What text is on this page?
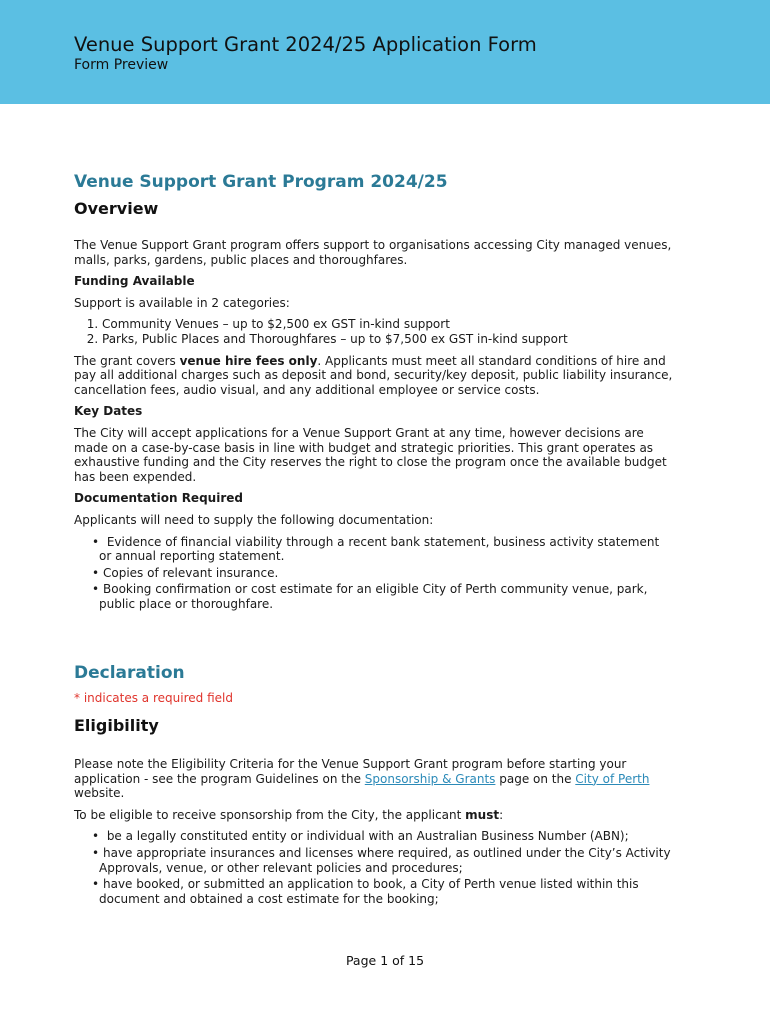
Venue Support Grant 2024/25 Application Form
Form Preview
Venue Support Grant Program 2024/25
Overview

The Venue Support Grant program offers support to organisations accessing City managed venues, malls, parks, gardens, public places and thoroughfares.

Funding Available

Support is available in 2 categories:

1. Community Venues – up to $2,500 ex GST in-kind support
2. Parks, Public Places and Thoroughfares – up to $7,500 ex GST in-kind support

The grant covers venue hire fees only. Applicants must meet all standard conditions of hire and pay all additional charges such as deposit and bond, security/key deposit, public liability insurance, cancellation fees, audio visual, and any additional employee or service costs.

Key Dates

The City will accept applications for a Venue Support Grant at any time, however decisions are made on a case-by-case basis in line with budget and strategic priorities. This grant operates as exhaustive funding and the City reserves the right to close the program once the available budget has been expended.

Documentation Required

Applicants will need to supply the following documentation:

• Evidence of financial viability through a recent bank statement, business activity statement or annual reporting statement.
• Copies of relevant insurance.
• Booking confirmation or cost estimate for an eligible City of Perth community venue, park, public place or thoroughfare.
Declaration

* indicates a required field

Eligibility

Please note the Eligibility Criteria for the Venue Support Grant program before starting your application - see the program Guidelines on the Sponsorship & Grants page on the City of Perth website.

To be eligible to receive sponsorship from the City, the applicant must:

• be a legally constituted entity or individual with an Australian Business Number (ABN);
• have appropriate insurances and licenses where required, as outlined under the City’s Activity Approvals, venue, or other relevant policies and procedures;
• have booked, or submitted an application to book, a City of Perth venue listed within this document and obtained a cost estimate for the booking;
Page 1 of 15
